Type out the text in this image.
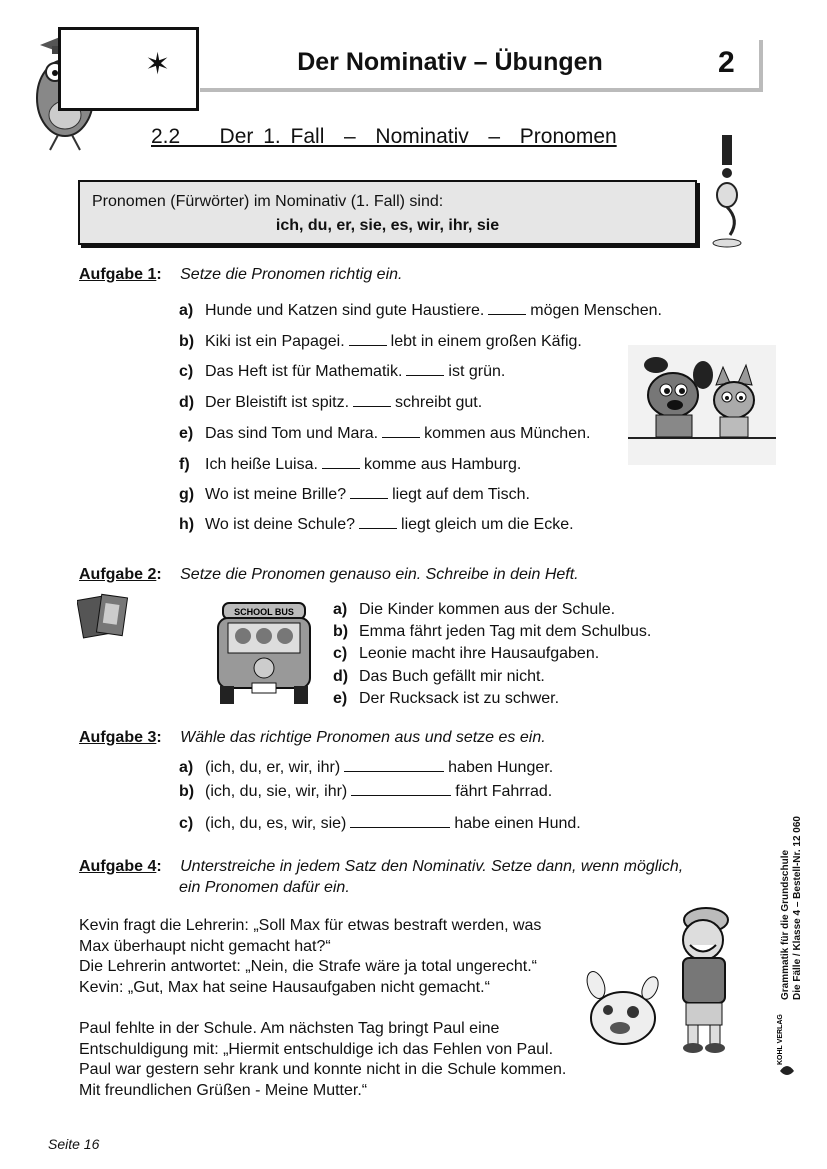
✶	Der Nominativ – Übungen	2
2.2    Der 1. Fall  –  Nominativ  –  Pronomen
Pronomen (Fürwörter) im Nominativ (1. Fall) sind:
ich, du, er, sie, es, wir, ihr, sie
Aufgabe 1: Setze die Pronomen richtig ein.
a) Hunde und Katzen sind gute Haustiere.	mögen Menschen.
b) Kiki ist ein Papagei.	lebt in einem großen Käfig.
c) Das Heft ist für Mathematik.	ist grün.
d) Der Bleistift ist spitz.	schreibt gut.
e) Das sind Tom und Mara.	kommen aus München.
f) Ich heiße Luisa.	komme aus Hamburg.
g) Wo ist meine Brille?	liegt auf dem Tisch.
h) Wo ist deine Schule?	liegt gleich um die Ecke.
Aufgabe 2: Setze die Pronomen genauso ein. Schreibe in dein Heft.
SCHOOL BUS a) Die Kinder kommen aus der Schule.
b) Emma fährt jeden Tag mit dem Schulbus.
c) Leonie macht ihre Hausaufgaben.
d) Das Buch gefällt mir nicht.
e) Der Rucksack ist zu schwer.
Aufgabe 3: Wähle das richtige Pronomen aus und setze es ein.
a) (ich, du, er, wir, ihr)	haben Hunger.
b) (ich, du, sie, wir, ihr)	fährt Fahrrad.
c) (ich, du, es, wir, sie)	habe einen Hund.
Aufgabe 4: Unterstreiche in jedem Satz den Nominativ. Setze dann, wenn möglich,
ein Pronomen dafür ein.
Kevin fragt die Lehrerin: „Soll Max für etwas bestraft werden, was
Max überhaupt nicht gemacht hat?“
Die Lehrerin antwortet: „Nein, die Strafe wäre ja total ungerecht.“
Kevin: „Gut, Max hat seine Hausaufgaben nicht gemacht.“
Paul fehlte in der Schule. Am nächsten Tag bringt Paul eine
Entschuldigung mit: „Hiermit entschuldige ich das Fehlen von Paul.
Paul war gestern sehr krank und konnte nicht in die Schule kommen.
Mit freundlichen Grüßen - Meine Mutter.“
Grammatik für die Grundschule Die Fälle / Klasse 4 – Bestell-Nr. 12 060
KOHL VERLAG
Seite 16
